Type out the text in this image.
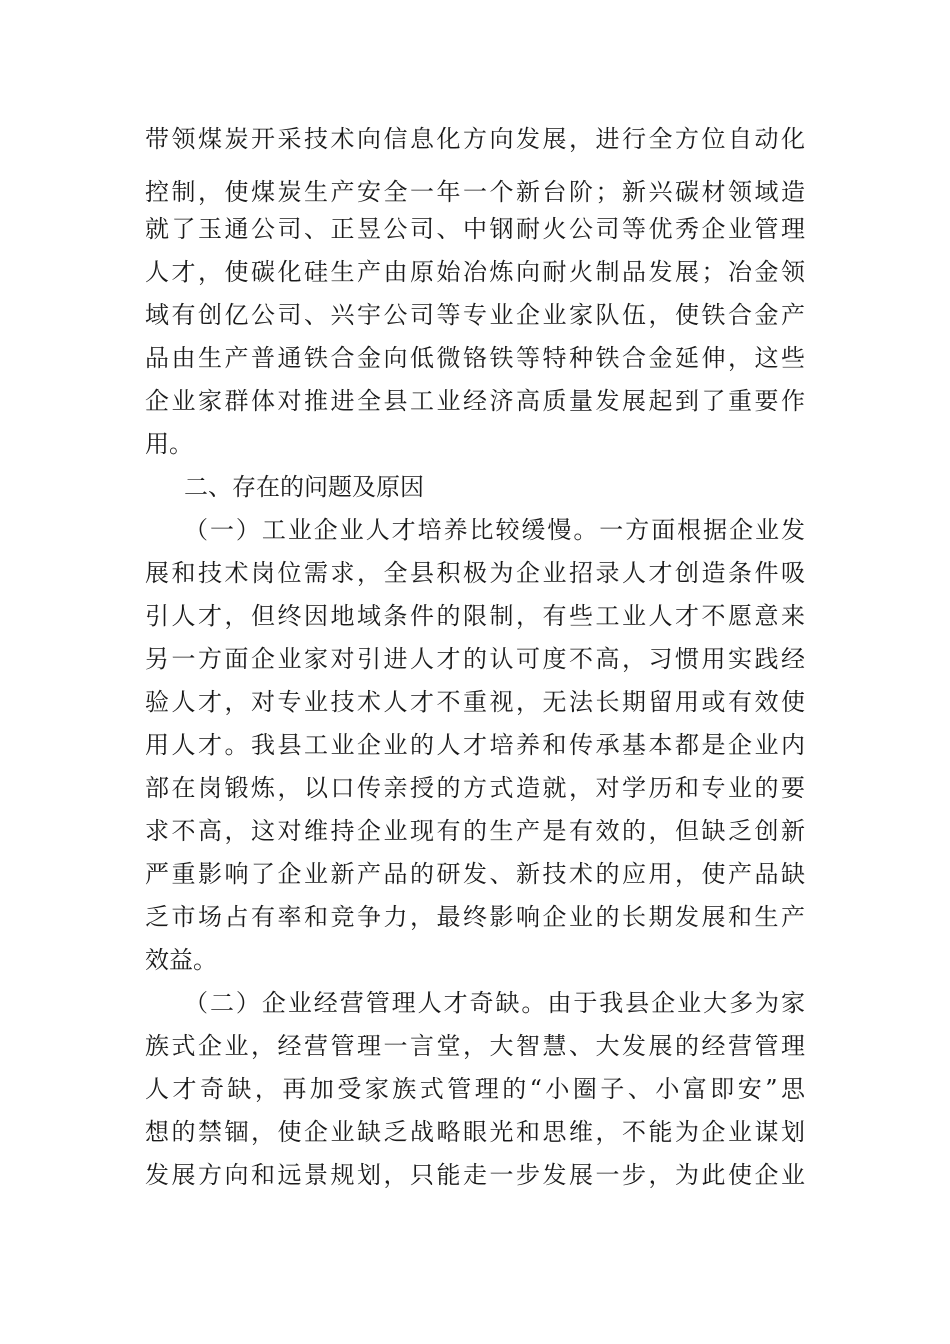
带领煤炭开采技术向信息化方向发展，进行全方位自动化
控制，使煤炭生产安全一年一个新台阶；新兴碳材领域造
就了玉通公司、正昱公司、中钢耐火公司等优秀企业管理
人才，使碳化硅生产由原始冶炼向耐火制品发展；冶金领
域有创亿公司、兴宇公司等专业企业家队伍，使铁合金产
品由生产普通铁合金向低微铬铁等特种铁合金延伸，这些
企业家群体对推进全县工业经济高质量发展起到了重要作
用。
二、存在的问题及原因
（一）工业企业人才培养比较缓慢。一方面根据企业发
展和技术岗位需求，全县积极为企业招录人才创造条件吸
引人才，但终因地域条件的限制，有些工业人才不愿意来
另一方面企业家对引进人才的认可度不高，习惯用实践经
验人才，对专业技术人才不重视，无法长期留用或有效使
用人才。我县工业企业的人才培养和传承基本都是企业内
部在岗锻炼，以口传亲授的方式造就，对学历和专业的要
求不高，这对维持企业现有的生产是有效的，但缺乏创新
严重影响了企业新产品的研发、新技术的应用，使产品缺
乏市场占有率和竞争力，最终影响企业的长期发展和生产
效益。
（二）企业经营管理人才奇缺。由于我县企业大多为家
族式企业，经营管理一言堂，大智慧、大发展的经营管理
人才奇缺，再加受家族式管理的“小圈子、小富即安”思
想的禁锢，使企业缺乏战略眼光和思维，不能为企业谋划
发展方向和远景规划，只能走一步发展一步，为此使企业
